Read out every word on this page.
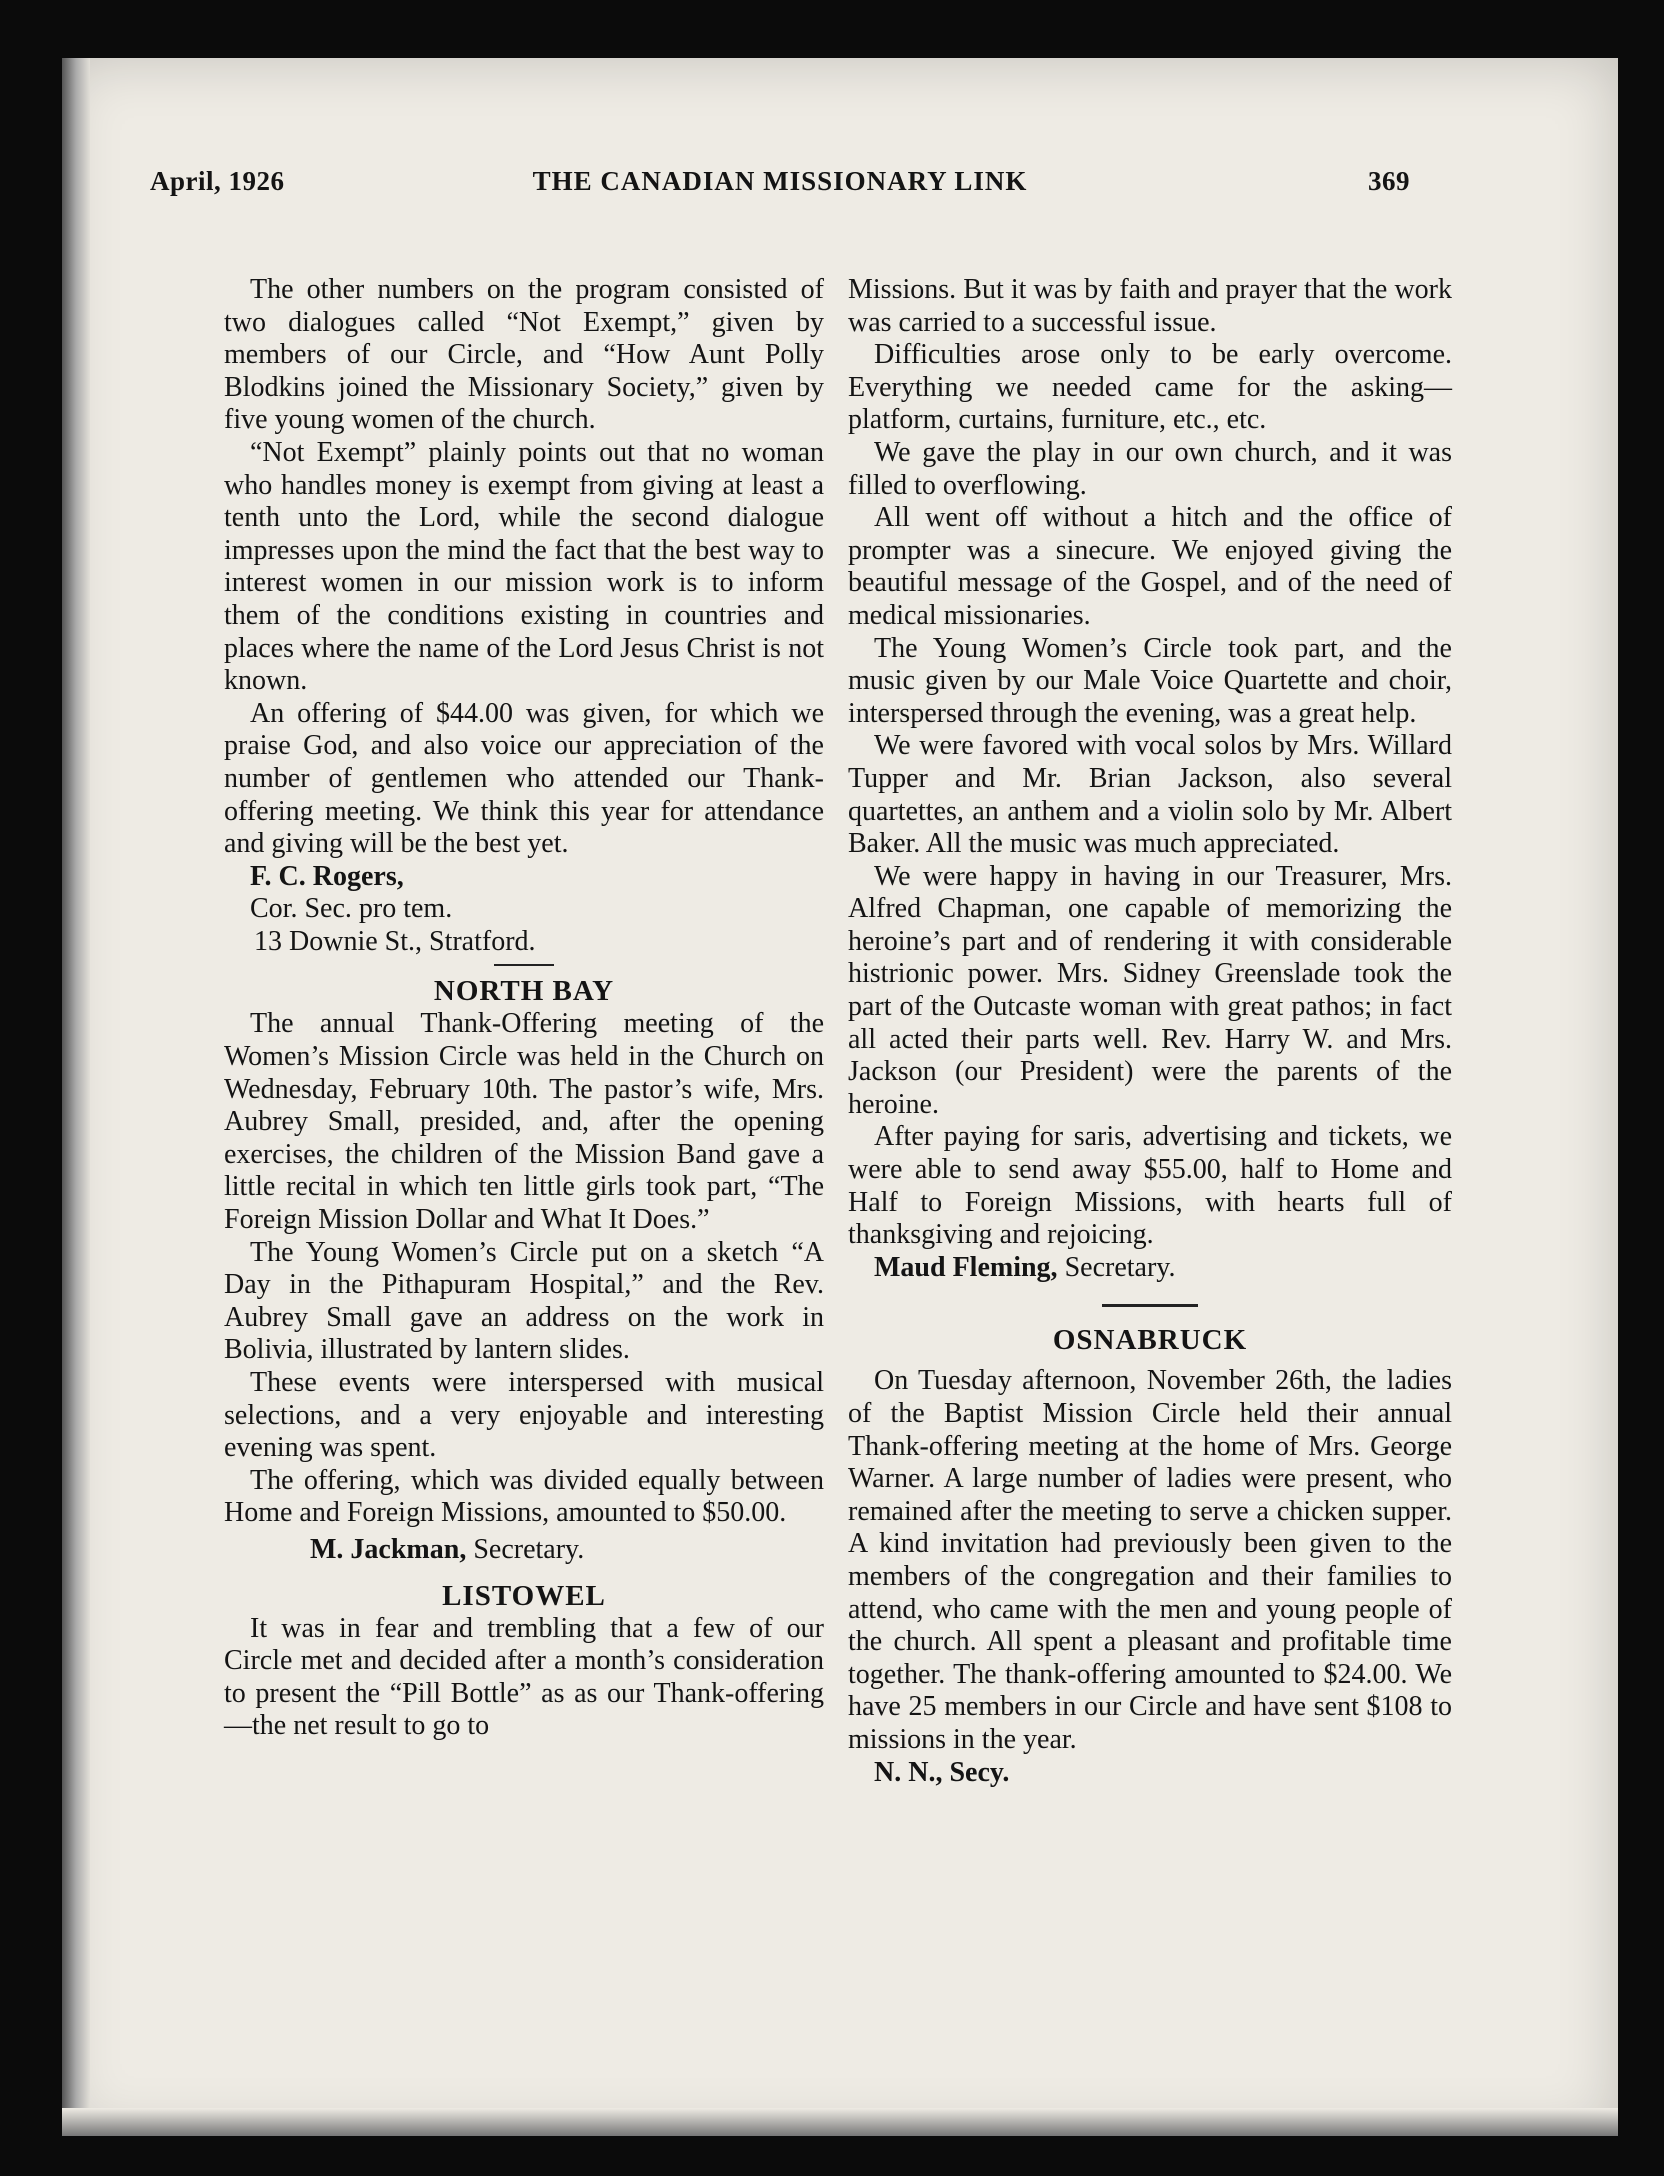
April, 1926	THE CANADIAN MISSIONARY LINK	369

The other numbers on the program consisted of two dialogues called “Not Exempt,” given by members of our Circle, and “How Aunt Polly Blodkins joined the Missionary Society,” given by five young women of the church.

“Not Exempt” plainly points out that no woman who handles money is exempt from giving at least a tenth unto the Lord, while the second dialogue impresses upon the mind the fact that the best way to interest women in our mission work is to inform them of the conditions existing in countries and places where the name of the Lord Jesus Christ is not known.

An offering of $44.00 was given, for which we praise God, and also voice our appreciation of the number of gentlemen who attended our Thank-offering meeting. We think this year for attendance and giving will be the best yet.

F. C. Rogers,

Cor. Sec. pro tem.

13 Downie St., Stratford.

NORTH BAY

The annual Thank-Offering meeting of the Women’s Mission Circle was held in the Church on Wednesday, February 10th. The pastor’s wife, Mrs. Aubrey Small, presided, and, after the opening exercises, the children of the Mission Band gave a little recital in which ten little girls took part, “The Foreign Mission Dollar and What It Does.”

The Young Women’s Circle put on a sketch “A Day in the Pithapuram Hospital,” and the Rev. Aubrey Small gave an address on the work in Bolivia, illustrated by lantern slides.

These events were interspersed with musical selections, and a very enjoyable and interesting evening was spent.

The offering, which was divided equally between Home and Foreign Missions, amounted to $50.00.

M. Jackman, Secretary.

LISTOWEL

It was in fear and trembling that a few of our Circle met and decided after a month’s consideration to present the “Pill Bottle” as as our Thank-offering—the net result to go to

Missions. But it was by faith and prayer that the work was carried to a successful issue.

Difficulties arose only to be early overcome. Everything we needed came for the asking—platform, curtains, furniture, etc., etc.

We gave the play in our own church, and it was filled to overflowing.

All went off without a hitch and the office of prompter was a sinecure. We enjoyed giving the beautiful message of the Gospel, and of the need of medical missionaries.

The Young Women’s Circle took part, and the music given by our Male Voice Quartette and choir, interspersed through the evening, was a great help.

We were favored with vocal solos by Mrs. Willard Tupper and Mr. Brian Jackson, also several quartettes, an anthem and a violin solo by Mr. Albert Baker. All the music was much appreciated.

We were happy in having in our Treasurer, Mrs. Alfred Chapman, one capable of memorizing the heroine’s part and of rendering it with considerable histrionic power. Mrs. Sidney Greenslade took the part of the Outcaste woman with great pathos; in fact all acted their parts well. Rev. Harry W. and Mrs. Jackson (our President) were the parents of the heroine.

After paying for saris, advertising and tickets, we were able to send away $55.00, half to Home and Half to Foreign Missions, with hearts full of thanksgiving and rejoicing.

Maud Fleming, Secretary.

OSNABRUCK

On Tuesday afternoon, November 26th, the ladies of the Baptist Mission Circle held their annual Thank-offering meeting at the home of Mrs. George Warner. A large number of ladies were present, who remained after the meeting to serve a chicken supper. A kind invitation had previously been given to the members of the congregation and their families to attend, who came with the men and young people of the church. All spent a pleasant and profitable time together. The thank-offering amounted to $24.00. We have 25 members in our Circle and have sent $108 to missions in the year.

N. N., Secy.
